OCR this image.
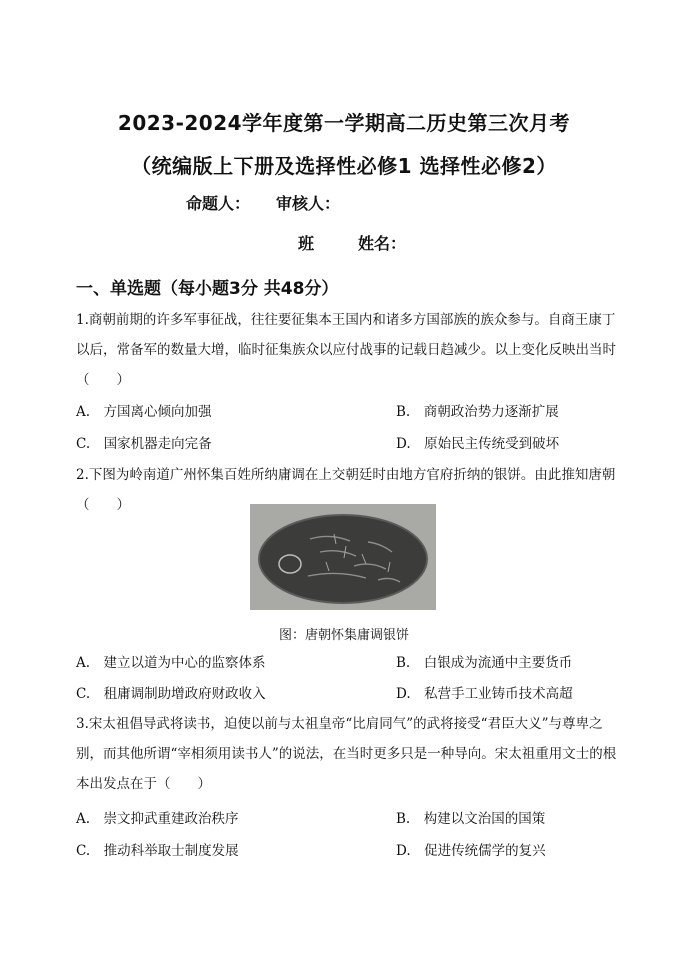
2023-2024学年度第一学期高二历史第三次月考
（统编版上下册及选择性必修1 选择性必修2）
命题人： 审核人：
班	姓名：
一、单选题（每小题3分 共48分）
1.商朝前期的许多军事征战，往往要征集本王国内和诸多方国部族的族众参与。自商王康丁以后，常备军的数量大增，临时征集族众以应付战事的记载日趋减少。以上变化反映出当时（　　）
A.　方国离心倾向加强	B.　商朝政治势力逐渐扩展
C.　国家机器走向完备	D.　原始民主传统受到破坏
2.下图为岭南道广州怀集百姓所纳庸调在上交朝廷时由地方官府折纳的银饼。由此推知唐朝（　　）
图：唐朝怀集庸调银饼
A.　建立以道为中心的监察体系	B.　白银成为流通中主要货币
C.　租庸调制助增政府财政收入	D.　私营手工业铸币技术高超
3.宋太祖倡导武将读书，迫使以前与太祖皇帝“比肩同气”的武将接受“君臣大义”与尊卑之别，而其他所谓“宰相须用读书人”的说法，在当时更多只是一种导向。宋太祖重用文士的根本出发点在于（　　）
A.　崇文抑武重建政治秩序	B.　构建以文治国的国策
C.　推动科举取士制度发展	D.　促进传统儒学的复兴
